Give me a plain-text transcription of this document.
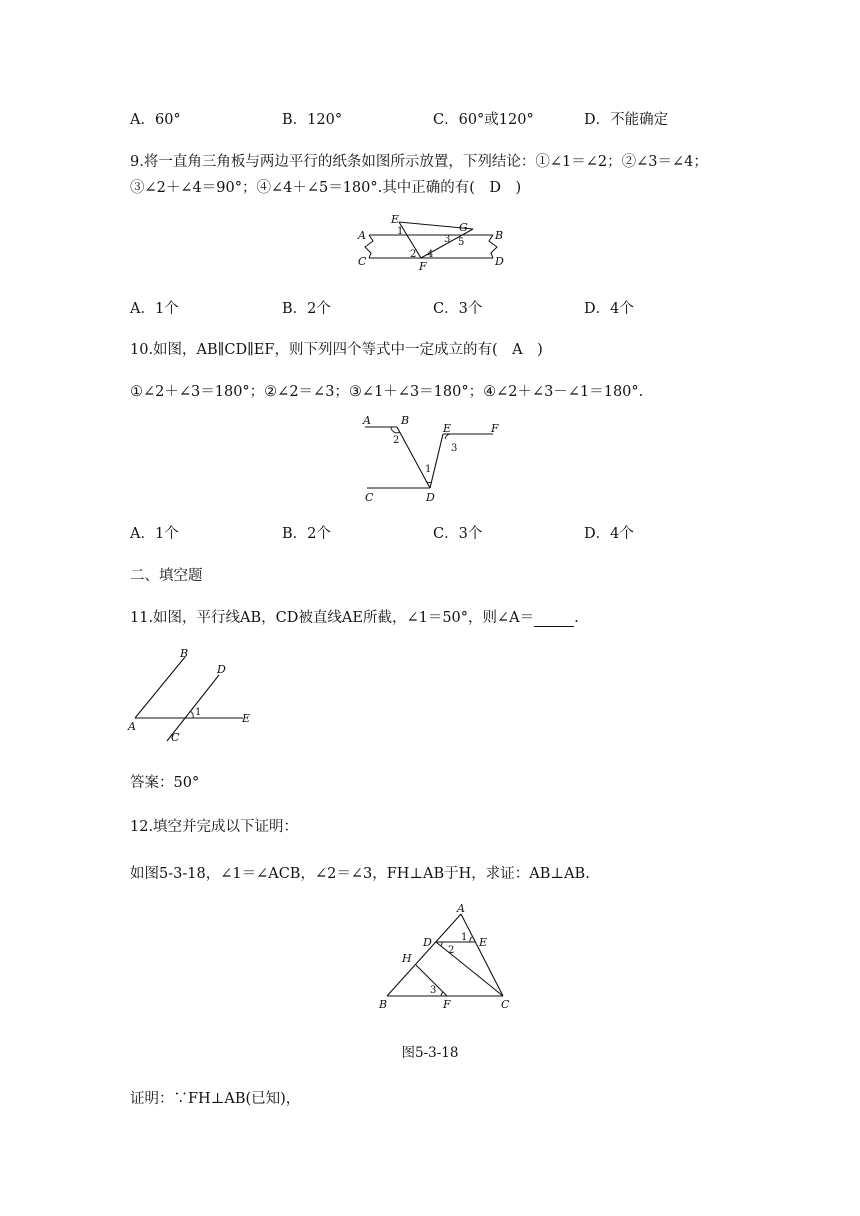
A．60°	B．120°	C．60°或120°	D．不能确定
9.将一直角三角板与两边平行的纸条如图所示放置，下列结论：①∠1＝∠2；②∠3＝∠4；
③∠2＋∠4＝90°；④∠4＋∠5＝180°.其中正确的有(　D　)
E
A	B
C	D
F
G
1
2 4
3 5
A．1个	B．2个	C．3个	D．4个
10.如图，AB∥CD∥EF，则下列四个等式中一定成立的有(　A　)
①∠2＋∠3＝180°；②∠2＝∠3；③∠1＋∠3＝180°；④∠2＋∠3－∠1＝180°.
A	B
E	F
C	D
2
3
1
A．1个	B．2个	C．3个	D．4个
二、填空题
11.如图，平行线AB，CD被直线AE所截，∠1＝50°，则∠A＝	.
B
D
A
C
E
1
答案：50°
12.填空并完成以下证明：
如图5-3-18，∠1＝∠ACB，∠2＝∠3，FH⊥AB于H，求证：AB⊥AB.
A
D	E
H
B	F	C
1
2
3
图5-3-18
证明：∵FH⊥AB(已知)，
